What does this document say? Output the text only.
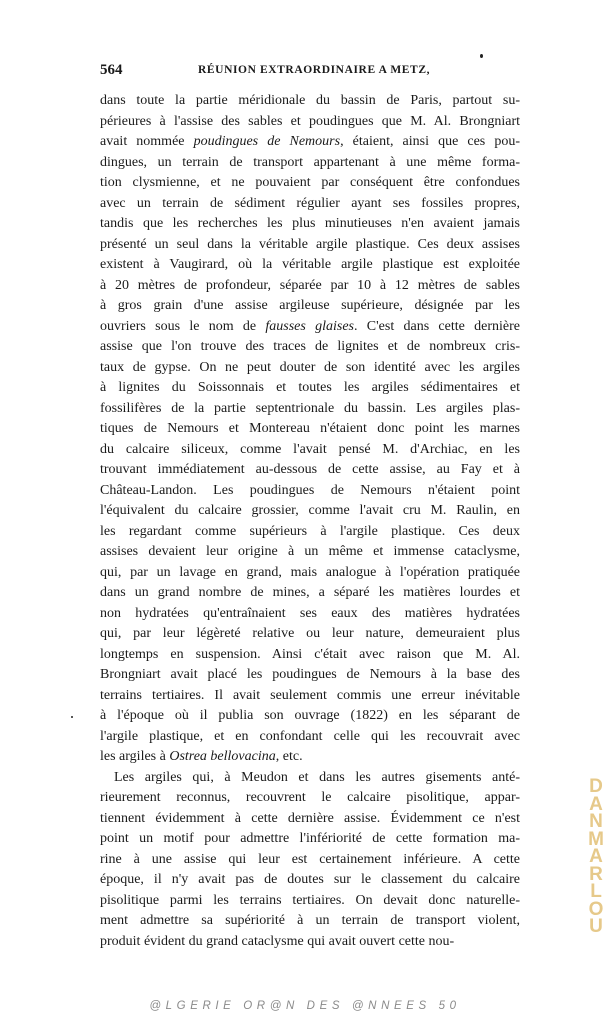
564	RÉUNION EXTRAORDINAIRE A METZ,
dans toute la partie méridionale du bassin de Paris, partout su-
périeures à l'assise des sables et poudingues que M. Al. Brongniart
avait nommée poudingues de Nemours, étaient, ainsi que ces pou-
dingues, un terrain de transport appartenant à une même forma-
tion clysmienne, et ne pouvaient par conséquent être confondues
avec un terrain de sédiment régulier ayant ses fossiles propres,
tandis que les recherches les plus minutieuses n'en avaient jamais
présenté un seul dans la véritable argile plastique. Ces deux assises
existent à Vaugirard, où la véritable argile plastique est exploitée
à 20 mètres de profondeur, séparée par 10 à 12 mètres de sables
à gros grain d'une assise argileuse supérieure, désignée par les
ouvriers sous le nom de fausses glaises. C'est dans cette dernière
assise que l'on trouve des traces de lignites et de nombreux cris-
taux de gypse. On ne peut douter de son identité avec les argiles
à lignites du Soissonnais et toutes les argiles sédimentaires et
fossilifères de la partie septentrionale du bassin. Les argiles plas-
tiques de Nemours et Montereau n'étaient donc point les marnes
du calcaire siliceux, comme l'avait pensé M. d'Archiac, en les
trouvant immédiatement au-dessous de cette assise, au Fay et à
Château-Landon. Les poudingues de Nemours n'étaient point
l'équivalent du calcaire grossier, comme l'avait cru M. Raulin, en
les regardant comme supérieurs à l'argile plastique. Ces deux
assises devaient leur origine à un même et immense cataclysme,
qui, par un lavage en grand, mais analogue à l'opération pratiquée
dans un grand nombre de mines, a séparé les matières lourdes et
non hydratées qu'entraînaient ses eaux des matières hydratées
qui, par leur légèreté relative ou leur nature, demeuraient plus
longtemps en suspension. Ainsi c'était avec raison que M. Al.
Brongniart avait placé les poudingues de Nemours à la base des
terrains tertiaires. Il avait seulement commis une erreur inévitable
à l'époque où il publia son ouvrage (1822) en les séparant de
l'argile plastique, et en confondant celle qui les recouvrait avec
les argiles à Ostrea bellovacina, etc.
Les argiles qui, à Meudon et dans les autres gisements anté-
rieurement reconnus, recouvrent le calcaire pisolitique, appar-
tiennent évidemment à cette dernière assise. Évidemment ce n'est
point un motif pour admettre l'infériorité de cette formation ma-
rine à une assise qui leur est certainement inférieure. A cette
époque, il n'y avait pas de doutes sur le classement du calcaire
pisolitique parmi les terrains tertiaires. On devait donc naturelle-
ment admettre sa supériorité à un terrain de transport violent,
produit évident du grand cataclysme qui avait ouvert cette nou-
D
A
N
M
A
R
L
O
U
@LGERIE OR@N DES @NNEES 50
